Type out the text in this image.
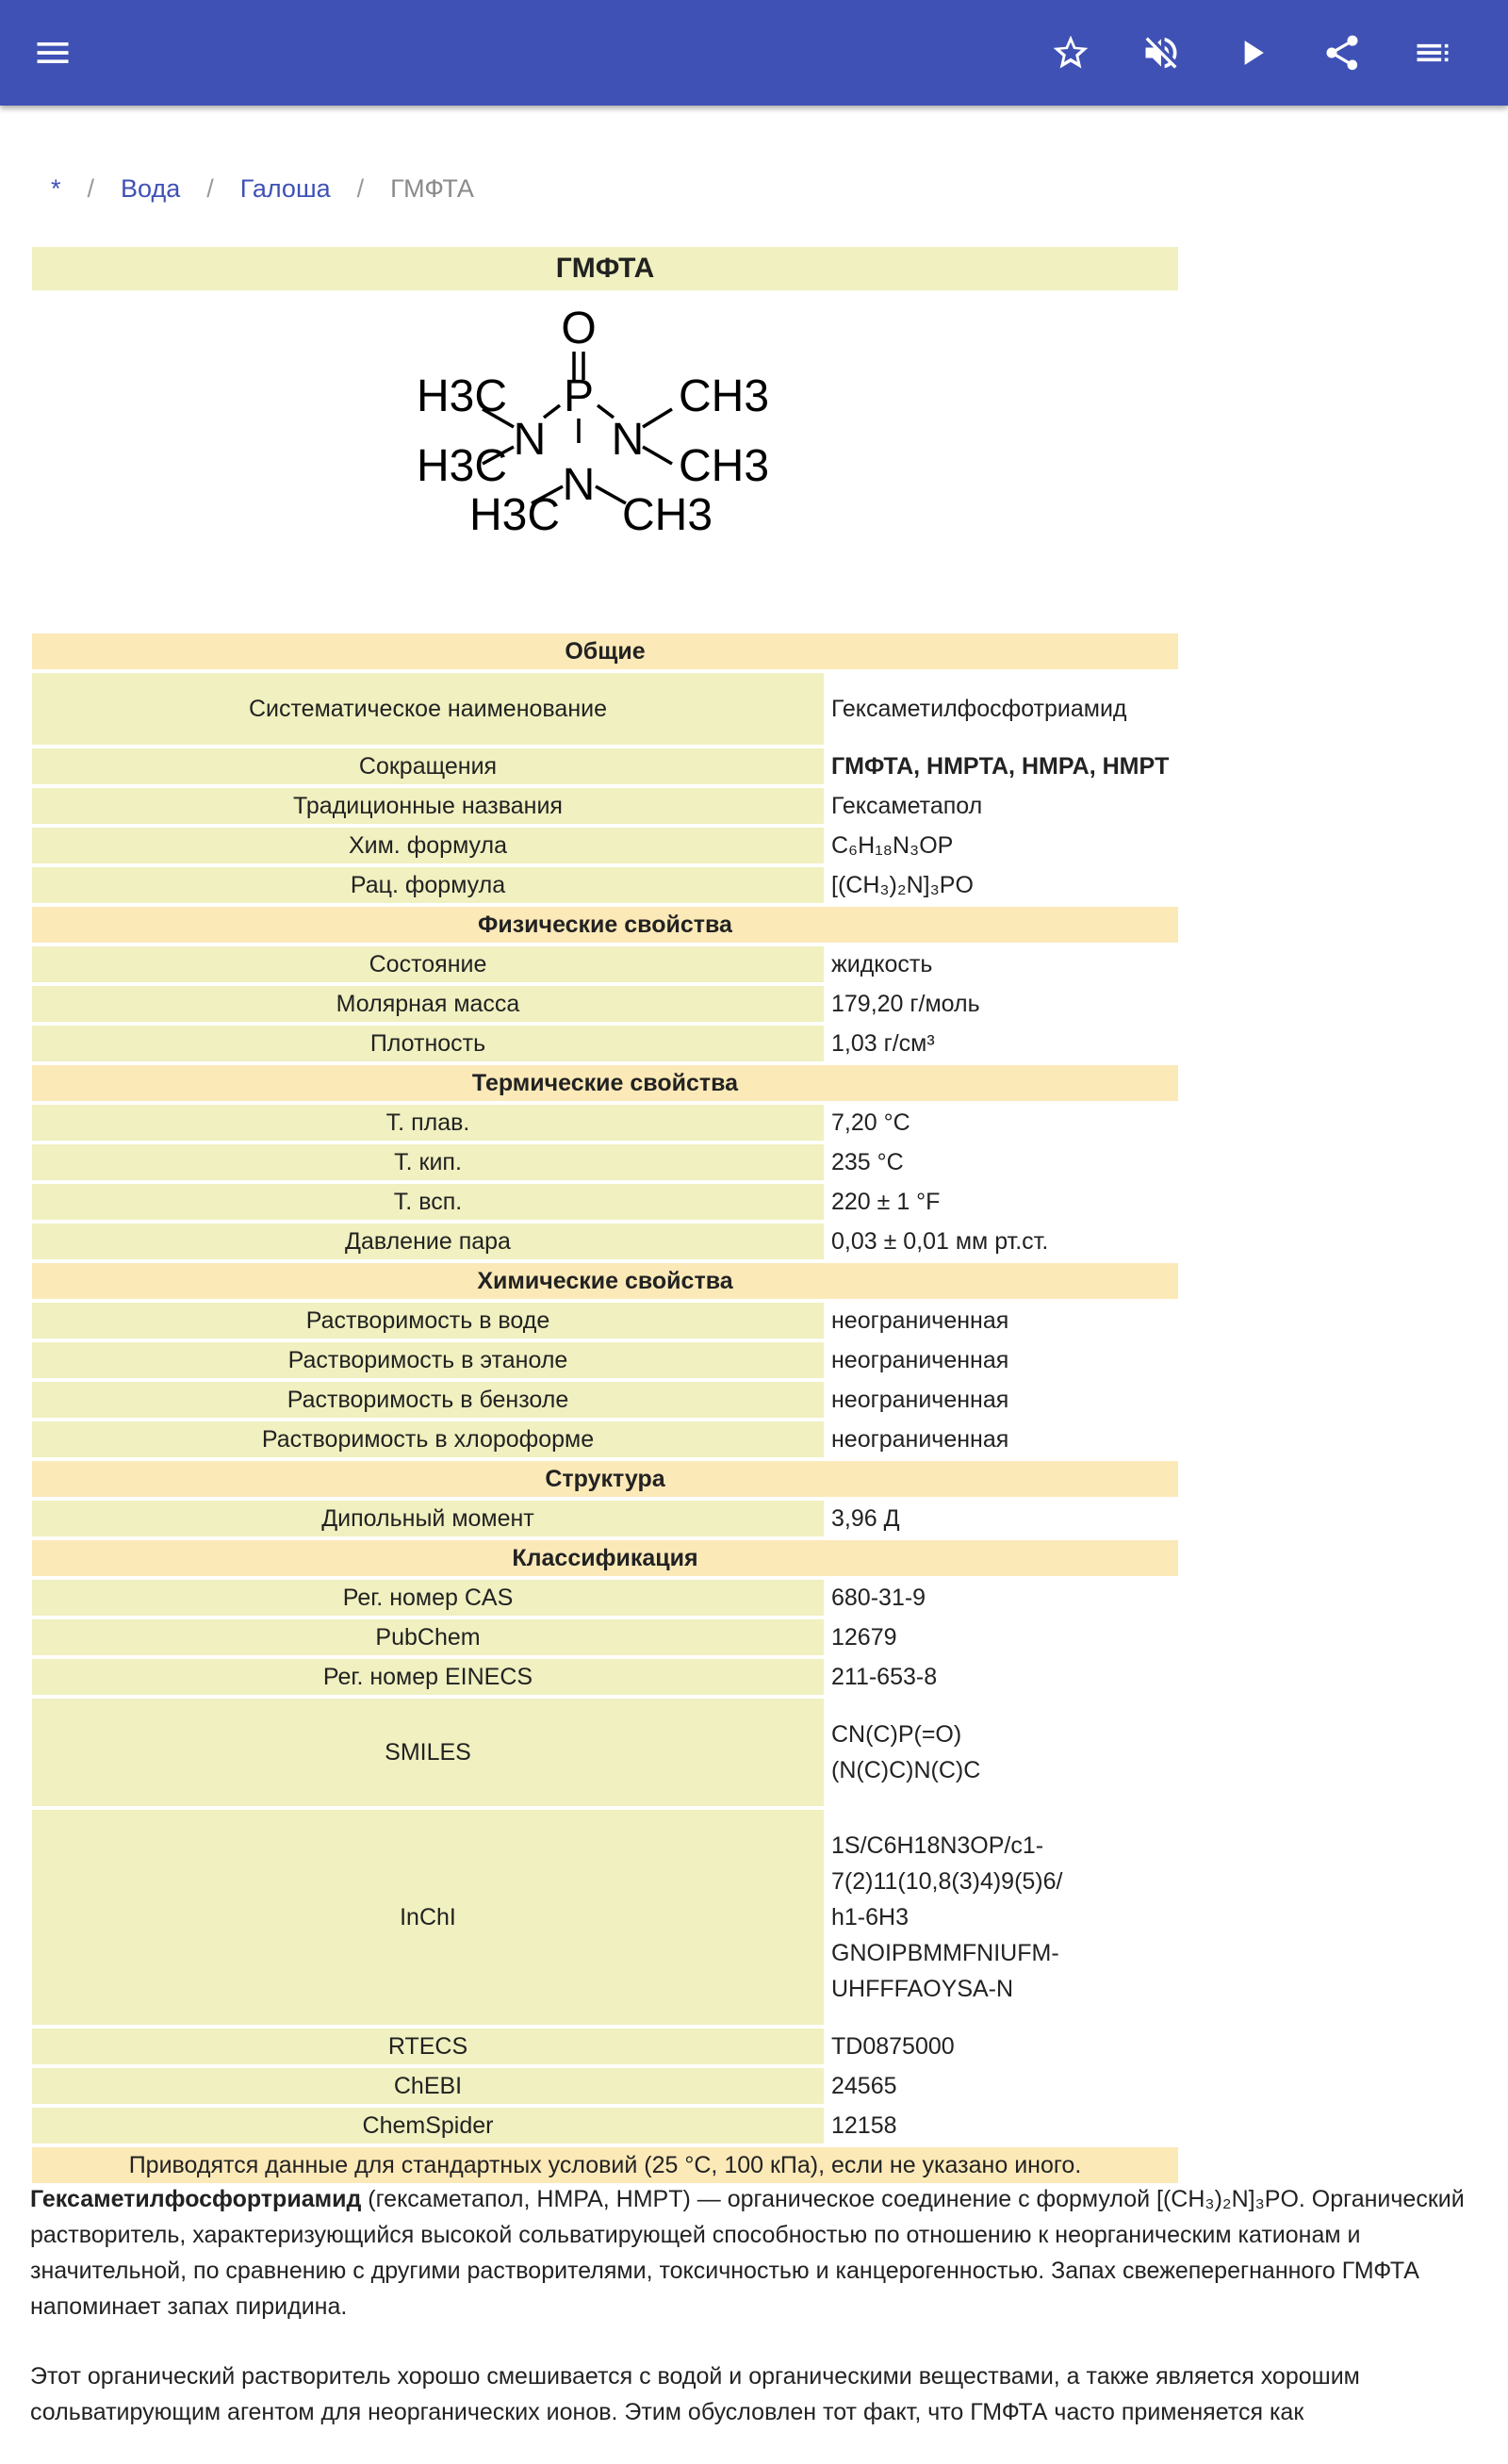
* / Вода / Галоша / ГМФТА
ГМФТА
O
P
N N
N
H3C
H3C
CH3
CH3
H3C CH3
Общие	
Систематическое наименование	Гексаметилфосфотриамид
Сокращения	ГМФТА, HMPTA, HMPA, HMPT
Традиционные названия	Гексаметапол
Хим. формула	C₆H₁₈N₃OP
Рац. формула	[(CH₃)₂N]₃PO
Физические свойства	
Состояние	жидкость
Молярная масса	179,20 г/моль
Плотность	1,03 г/см³
Термические свойства	
Т. плав.	7,20 °C
Т. кип.	235 °C
Т. всп.	220 ± 1 °F
Давление пара	0,03 ± 0,01 мм рт.ст.
Химические свойства	
Растворимость в воде	неограниченная
Растворимость в этаноле	неограниченная
Растворимость в бензоле	неограниченная
Растворимость в хлороформе	неограниченная
Структура	
Дипольный момент	3,96 Д
Классификация	
Рег. номер CAS	680-31-9
PubChem	12679
Рег. номер EINECS	211-653-8
SMILES	CN(C)P(=O)
(N(C)C)N(C)C

InChI	1S/C6H18N3OP/c1-
7(2)11(10,8(3)4)9(5)6/
h1-6H3
GNOIPBMMFNIUFM-
UHFFFAOYSA-N

RTECS	TD0875000
ChEBI	24565
ChemSpider	12158
Приводятся данные для стандартных условий (25 °C, 100 кПа), если не указано иного.	

Гексаметилфосфортриамид (гексаметапол, HMPA, HMPT) — органическое соединение с формулой [(CH₃)₂N]₃PO. Органический растворитель, характеризующийся высокой сольватирующей способностью по отношению к неорганическим катионам и значительной, по сравнению с другими растворителями, токсичностью и канцерогенностью. Запах свежеперегнанного ГМФТА напоминает запах пиридина.

Этот органический растворитель хорошо смешивается с водой и органическими веществами, а также является хорошим сольватирующим агентом для неорганических ионов. Этим обусловлен тот факт, что ГМФТА часто применяется как
